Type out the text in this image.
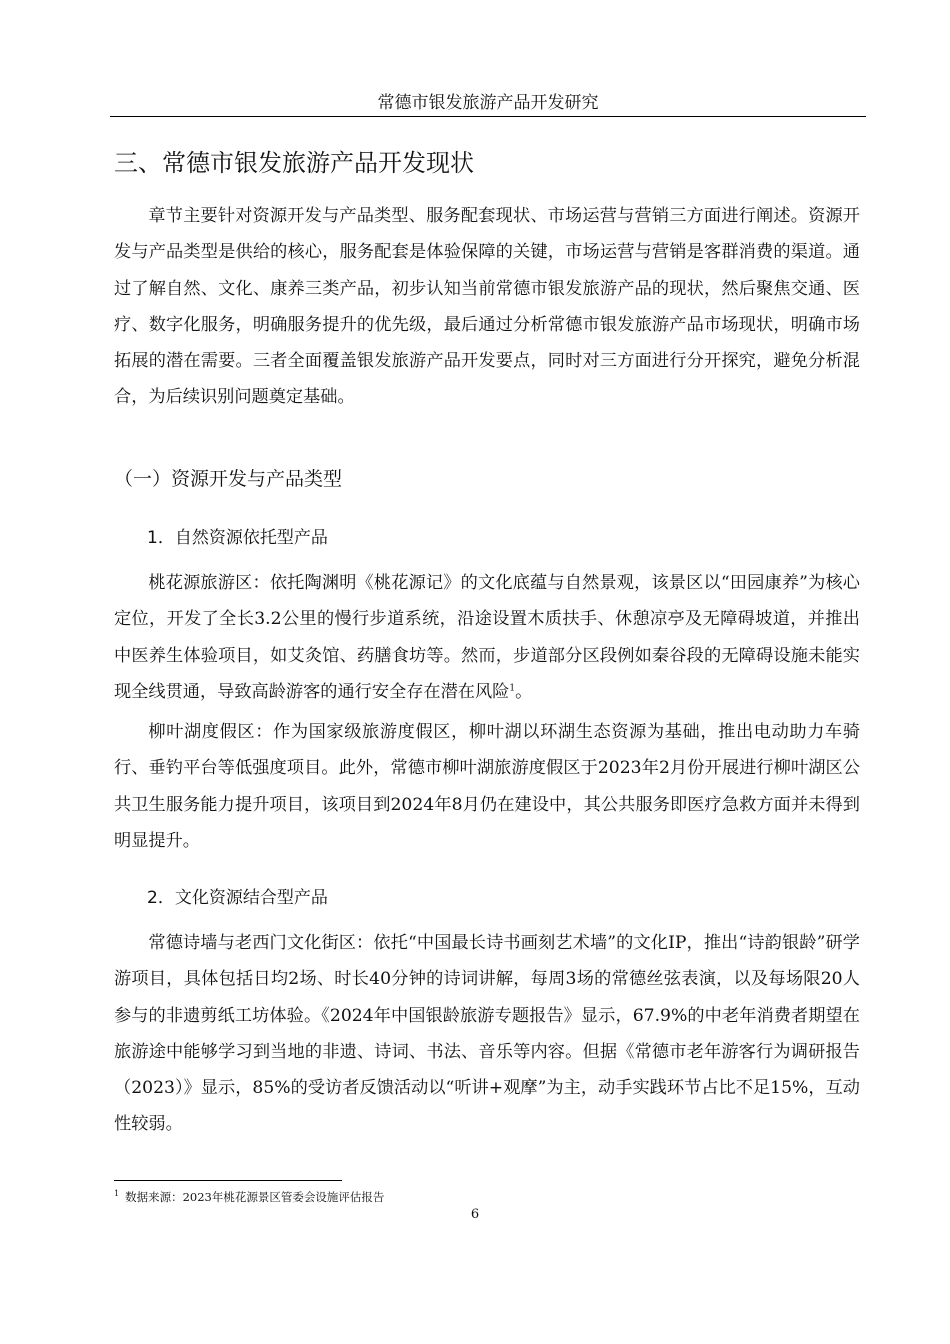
常德市银发旅游产品开发研究
三、常德市银发旅游产品开发现状

章节主要针对资源开发与产品类型、服务配套现状、市场运营与营销三方面进行阐述。资源开发与产品类型是供给的核心，服务配套是体验保障的关键，市场运营与营销是客群消费的渠道。通过了解自然、文化、康养三类产品，初步认知当前常德市银发旅游产品的现状，然后聚焦交通、医疗、数字化服务，明确服务提升的优先级，最后通过分析常德市银发旅游产品市场现状，明确市场拓展的潜在需要。三者全面覆盖银发旅游产品开发要点，同时对三方面进行分开探究，避免分析混合，为后续识别问题奠定基础。

（一）资源开发与产品类型
1．自然资源依托型产品

桃花源旅游区：依托陶渊明《桃花源记》的文化底蕴与自然景观，该景区以“田园康养”为核心定位，开发了全长3.2公里的慢行步道系统，沿途设置木质扶手、休憩凉亭及无障碍坡道，并推出中医养生体验项目，如艾灸馆、药膳食坊等。然而，步道部分区段例如秦谷段的无障碍设施未能实现全线贯通，导致高龄游客的通行安全存在潜在风险$^1$。

柳叶湖度假区：作为国家级旅游度假区，柳叶湖以环湖生态资源为基础，推出电动助力车骑行、垂钓平台等低强度项目。此外，常德市柳叶湖旅游度假区于2023年2月份开展进行柳叶湖区公共卫生服务能力提升项目，该项目到2024年8月仍在建设中，其公共服务即医疗急救方面并未得到明显提升。

2．文化资源结合型产品

常德诗墙与老西门文化街区：依托“中国最长诗书画刻艺术墙”的文化IP，推出“诗韵银龄”研学游项目，具体包括日均2场、时长40分钟的诗词讲解，每周3场的常德丝弦表演，以及每场限20人参与的非遗剪纸工坊体验。《2024年中国银龄旅游专题报告》显示，67.9%的中老年消费者期望在旅游途中能够学习到当地的非遗、诗词、书法、音乐等内容。但据《常德市老年游客行为调研报告（2023）》显示，85%的受访者反馈活动以“听讲+观摩”为主，动手实践环节占比不足15%，互动性较弱。

$^1$ 数据来源：2023年桃花源景区管委会设施评估报告
6
